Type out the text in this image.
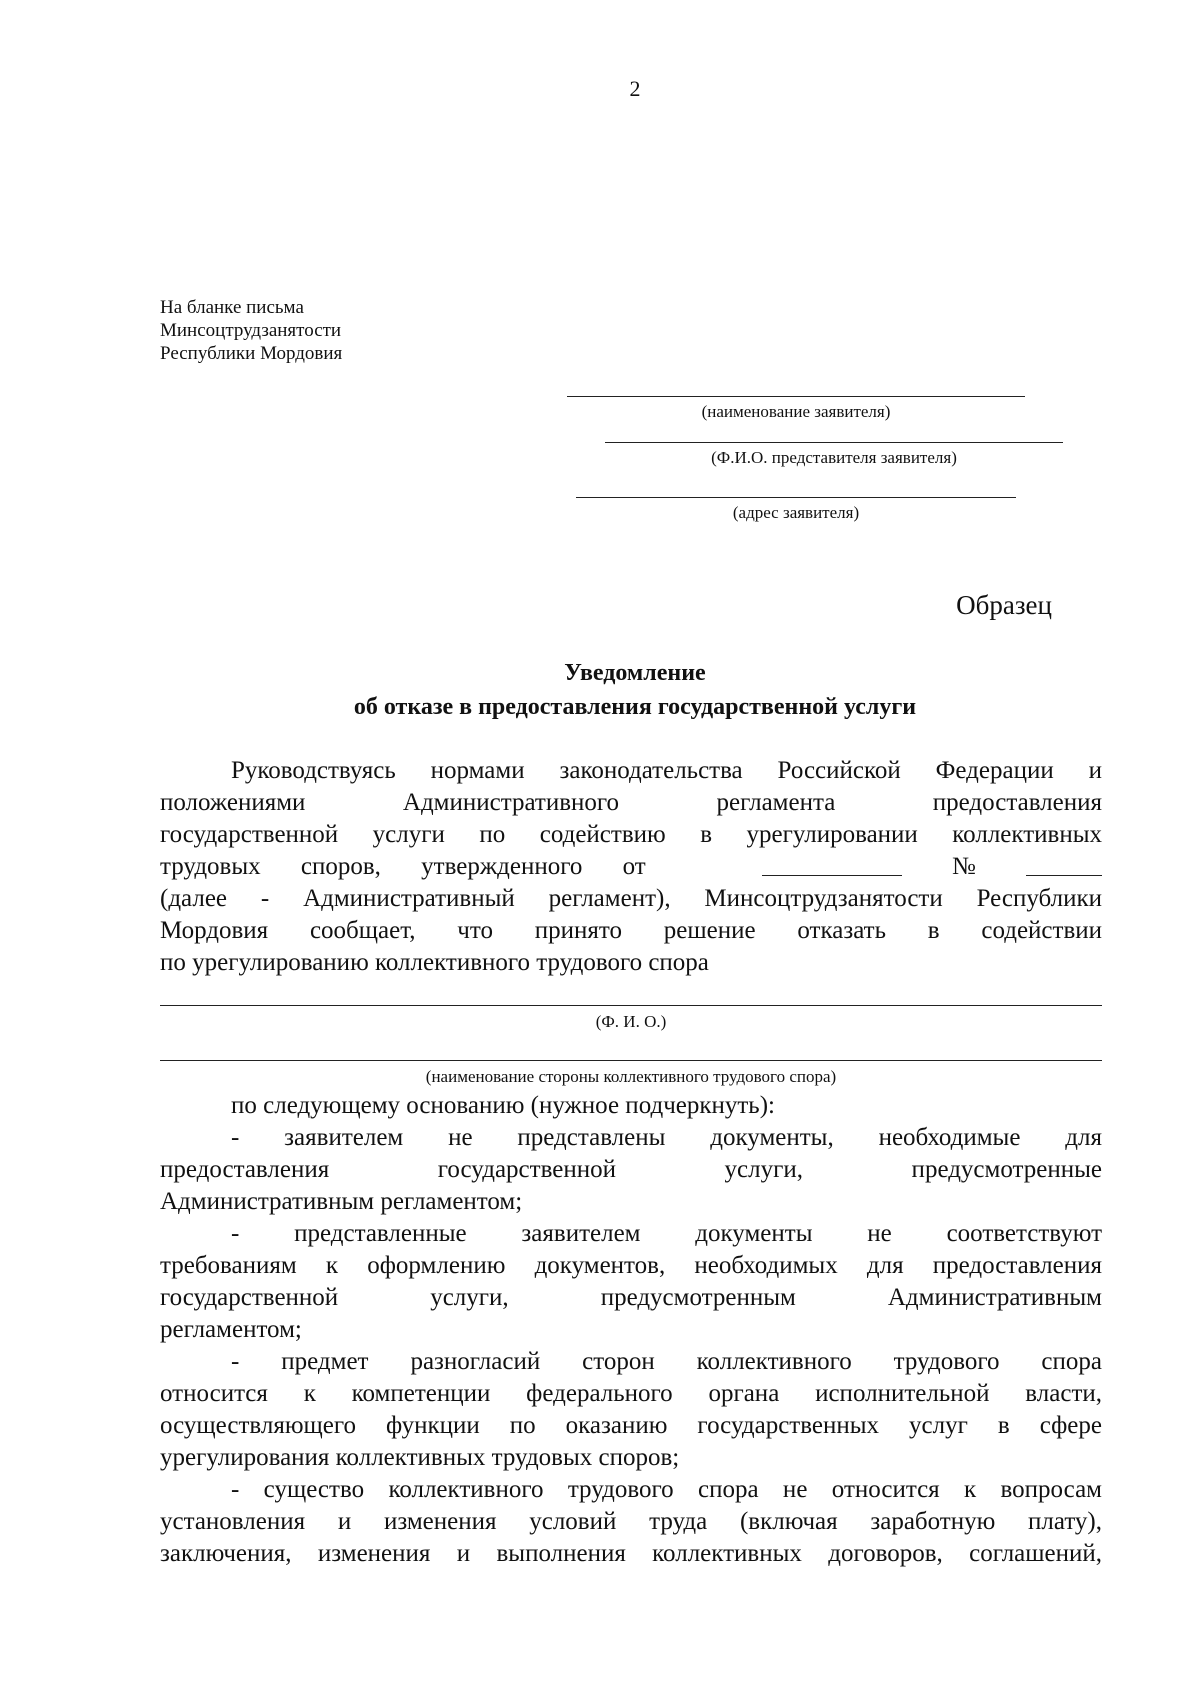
2
На бланке письма
Минсоцтрудзанятости
Республики Мордовия
(наименование заявителя)
(Ф.И.О. представителя заявителя)
(адрес заявителя)
Образец
Уведомление
об отказе в предоставления государственной услуги
Руководствуясь нормами законодательства Российской Федерации и
положениями Административного регламента предоставления
государственной услуги по содействию в урегулировании коллективных
трудовых споров, утвержденного от	№
(далее - Административный регламент), Минсоцтрудзанятости Республики
Мордовия сообщает, что принято решение отказать в содействии
по урегулированию коллективного трудового спора
(Ф. И. О.)
(наименование стороны коллективного трудового спора)
по следующему основанию (нужное подчеркнуть):
- заявителем не представлены документы, необходимые для
предоставления государственной услуги, предусмотренные
Административным регламентом;
- представленные заявителем документы не соответствуют
требованиям к оформлению документов, необходимых для предоставления
государственной услуги, предусмотренным Административным
регламентом;
- предмет разногласий сторон коллективного трудового спора
относится к компетенции федерального органа исполнительной власти,
осуществляющего функции по оказанию государственных услуг в сфере
урегулирования коллективных трудовых споров;
- существо коллективного трудового спора не относится к вопросам
установления и изменения условий труда (включая заработную плату),
заключения, изменения и выполнения коллективных договоров, соглашений,
